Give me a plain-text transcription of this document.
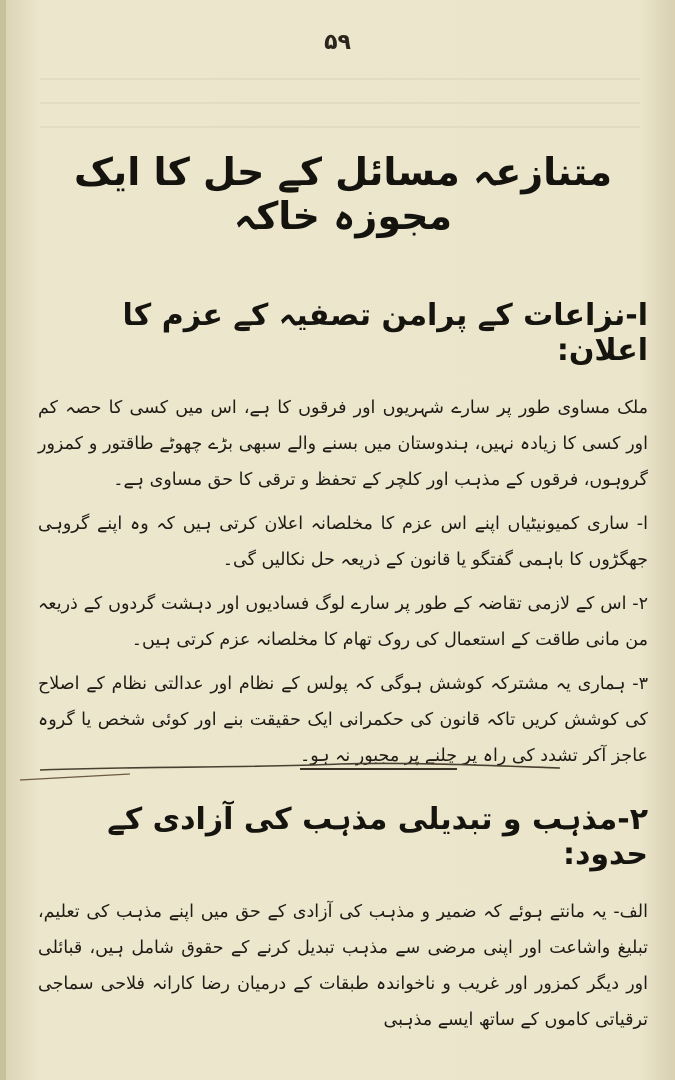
۵۹
متنازعہ مسائل کے حل کا ایک مجوزہ خاکہ
ا-نزاعات کے پرامن تصفیہ کے عزم کا اعلان:

ملک مساوی طور پر سارے شہریوں اور فرقوں کا ہے، اس میں کسی کا حصہ کم اور کسی کا زیادہ نہیں، ہندوستان میں بسنے والے سبھی بڑے چھوٹے طاقتور و کمزور گروہوں، فرقوں کے مذہب اور کلچر کے تحفظ و ترقی کا حق مساوی ہے۔

ا- ساری کمیونیٹیاں اپنے اس عزم کا مخلصانہ اعلان کرتی ہیں کہ وہ اپنے گروہی جھگڑوں کا باہمی گفتگو یا قانون کے ذریعہ حل نکالیں گی۔

۲- اس کے لازمی تقاضہ کے طور پر سارے لوگ فسادیوں اور دہشت گردوں کے ذریعہ من مانی طاقت کے استعمال کی روک تھام کا مخلصانہ عزم کرتی ہیں۔

۳- ہماری یہ مشترکہ کوشش ہوگی کہ پولس کے نظام اور عدالتی نظام کے اصلاح کی کوشش کریں تاکہ قانون کی حکمرانی ایک حقیقت بنے اور کوئی شخص یا گروہ عاجز آکر تشدد کی راہ پر چلنے پر مجبور نہ ہو۔

۲-مذہب و تبدیلی مذہب کی آزادی کے حدود:

الف- یہ مانتے ہوئے کہ ضمیر و مذہب کی آزادی کے حق میں اپنے مذہب کی تعلیم، تبلیغ واشاعت اور اپنی مرضی سے مذہب تبدیل کرنے کے حقوق شامل ہیں، قبائلی اور دیگر کمزور اور غریب و ناخواندہ طبقات کے درمیان رضا کارانہ فلاحی سماجی ترقیاتی کاموں کے ساتھ ایسے مذہبی
